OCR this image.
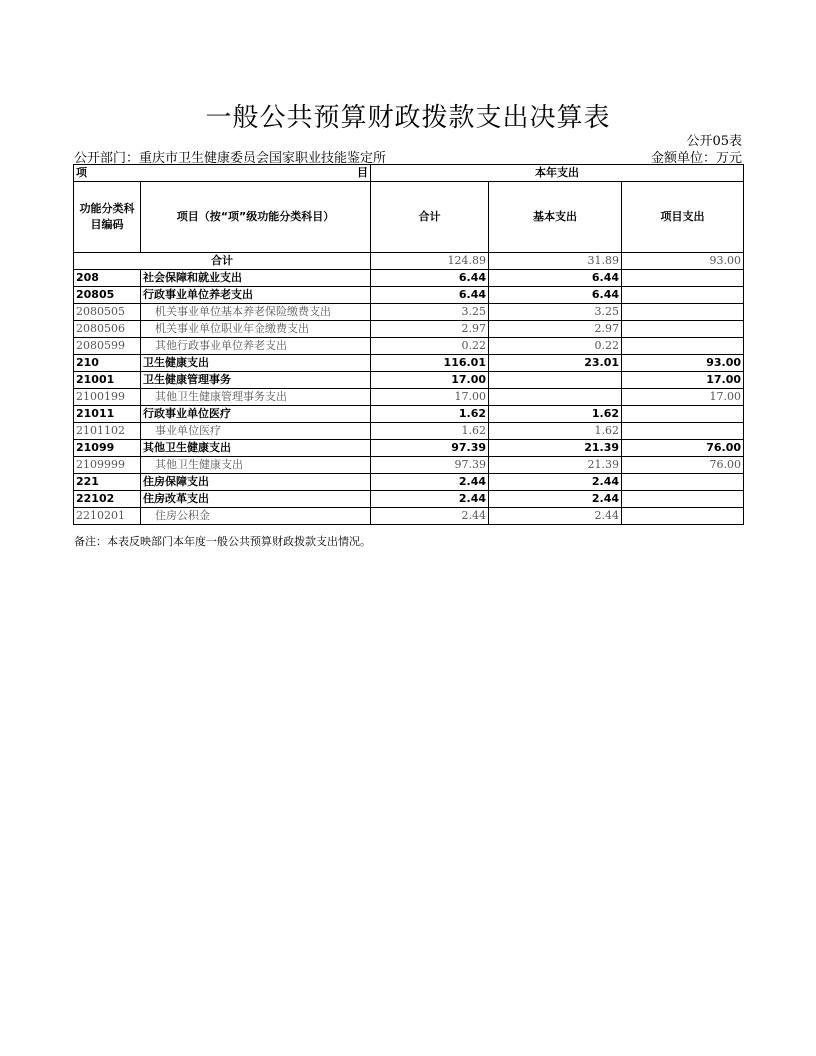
一般公共预算财政拨款支出决算表
公开05表
公开部门：重庆市卫生健康委员会国家职业技能鉴定所	金额单位：万元
项 目		本年支出		
功能分类科目编码	项目（按“项”级功能分类科目）	合计	基本支出	项目支出
合计		124.89	31.89	93.00
208	社会保障和就业支出	6.44	6.44	
20805	行政事业单位养老支出	6.44	6.44	
2080505	机关事业单位基本养老保险缴费支出	3.25	3.25	
2080506	机关事业单位职业年金缴费支出	2.97	2.97	
2080599	其他行政事业单位养老支出	0.22	0.22	
210	卫生健康支出	116.01	23.01	93.00
21001	卫生健康管理事务	17.00		17.00
2100199	其他卫生健康管理事务支出	17.00		17.00
21011	行政事业单位医疗	1.62	1.62	
2101102	事业单位医疗	1.62	1.62	
21099	其他卫生健康支出	97.39	21.39	76.00
2109999	其他卫生健康支出	97.39	21.39	76.00
221	住房保障支出	2.44	2.44	
22102	住房改革支出	2.44	2.44	
2210201	住房公积金	2.44	2.44	
备注：本表反映部门本年度一般公共预算财政拨款支出情况。
